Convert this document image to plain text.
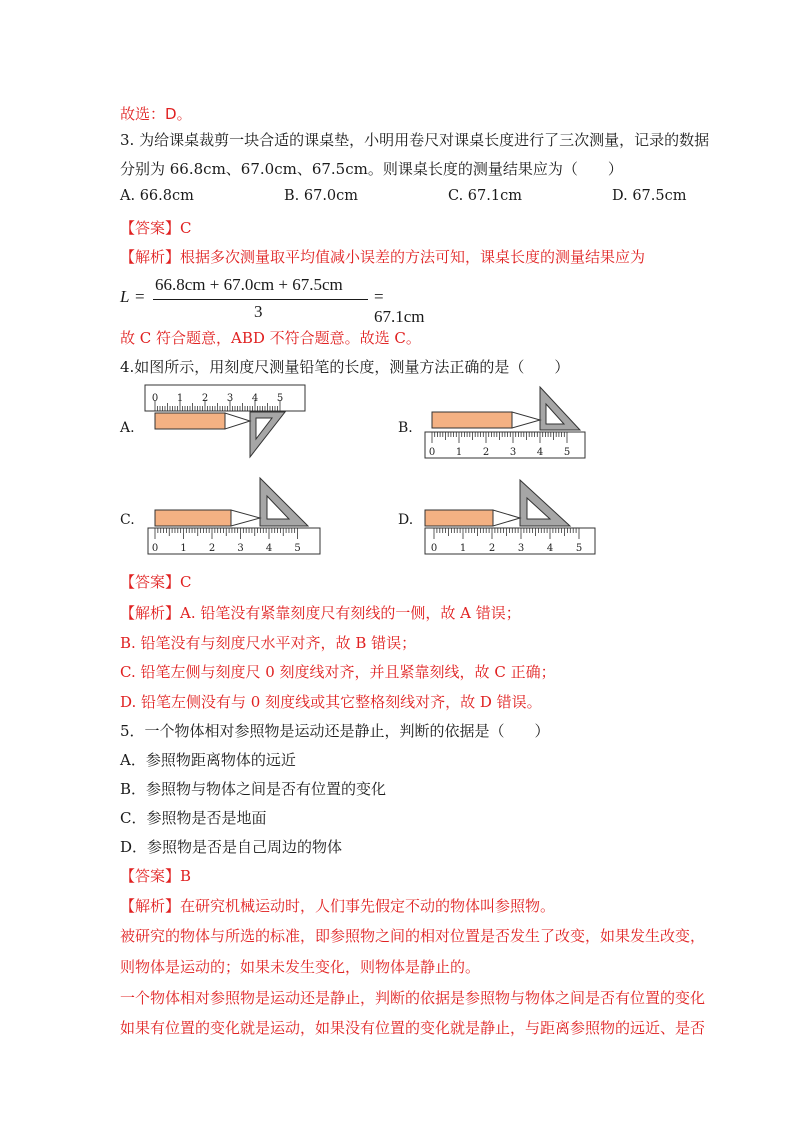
故选：D。
3. 为给课桌裁剪一块合适的课桌垫，小明用卷尺对课桌长度进行了三次测量，记录的数据
分别为 66.8cm、67.0cm、67.5cm。则课桌长度的测量结果应为（　　）
A. 66.8cm	B. 67.0cm	C. 67.1cm	D. 67.5cm
【答案】C
【解析】根据多次测量取平均值减小误差的方法可知，课桌长度的测量结果应为
L =
66.8cm + 67.0cm + 67.5cm
3
= 67.1cm
故 C 符合题意，ABD 不符合题意。故选 C。
4.如图所示，用刻度尺测量铅笔的长度，测量方法正确的是（　　）
A.
0 1 2 3 4 5
B.
0 1 2 3 4 5
C.
0 1 2 3 4 5
D.
0 1 2 3 4 5
【答案】C
【解析】A. 铅笔没有紧靠刻度尺有刻线的一侧，故 A 错误；
B. 铅笔没有与刻度尺水平对齐，故 B 错误；
C. 铅笔左侧与刻度尺 0 刻度线对齐，并且紧靠刻线，故 C 正确；
D. 铅笔左侧没有与 0 刻度线或其它整格刻线对齐，故 D 错误。
5．一个物体相对参照物是运动还是静止，判断的依据是（　　）
A．参照物距离物体的远近
B．参照物与物体之间是否有位置的变化
C．参照物是否是地面
D．参照物是否是自己周边的物体
【答案】B
【解析】在研究机械运动时，人们事先假定不动的物体叫参照物。
被研究的物体与所选的标准，即参照物之间的相对位置是否发生了改变，如果发生改变，
则物体是运动的；如果未发生变化，则物体是静止的。
一个物体相对参照物是运动还是静止，判断的依据是参照物与物体之间是否有位置的变化
如果有位置的变化就是运动，如果没有位置的变化就是静止，与距离参照物的远近、是否
